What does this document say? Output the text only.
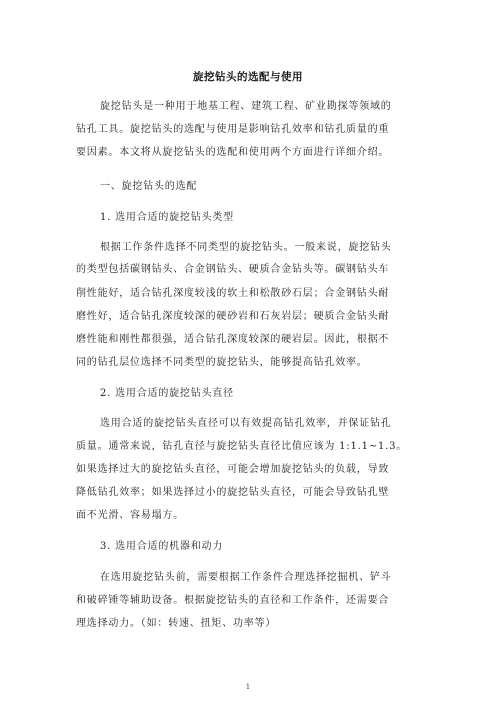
旋挖钻头的选配与使用
旋挖钻头是一种用于地基工程、建筑工程、矿业勘探等领域的
钻孔工具。旋挖钻头的选配与使用是影响钻孔效率和钻孔质量的重
要因素。本文将从旋挖钻头的选配和使用两个方面进行详细介绍。
一、旋挖钻头的选配
1. 选用合适的旋挖钻头类型
根据工作条件选择不同类型的旋挖钻头。一般来说，旋挖钻头
的类型包括碳钢钻头、合金钢钻头、硬质合金钻头等。碳钢钻头车
削性能好，适合钻孔深度较浅的软土和松散砂石层；合金钢钻头耐
磨性好，适合钻孔深度较深的硬砂岩和石灰岩层；硬质合金钻头耐
磨性能和刚性都很强，适合钻孔深度较深的硬岩层。因此，根据不
同的钻孔层位选择不同类型的旋挖钻头，能够提高钻孔效率。
2. 选用合适的旋挖钻头直径
选用合适的旋挖钻头直径可以有效提高钻孔效率，并保证钻孔
质量。通常来说，钻孔直径与旋挖钻头直径比值应该为 1:1.1~1.3。
如果选择过大的旋挖钻头直径，可能会增加旋挖钻头的负载，导致
降低钻孔效率；如果选择过小的旋挖钻头直径，可能会导致钻孔壁
面不光滑、容易塌方。
3. 选用合适的机器和动力
在选用旋挖钻头前，需要根据工作条件合理选择挖掘机、铲斗
和破碎锤等辅助设备。根据旋挖钻头的直径和工作条件，还需要合
理选择动力。（如：转速、扭矩、功率等）
1
